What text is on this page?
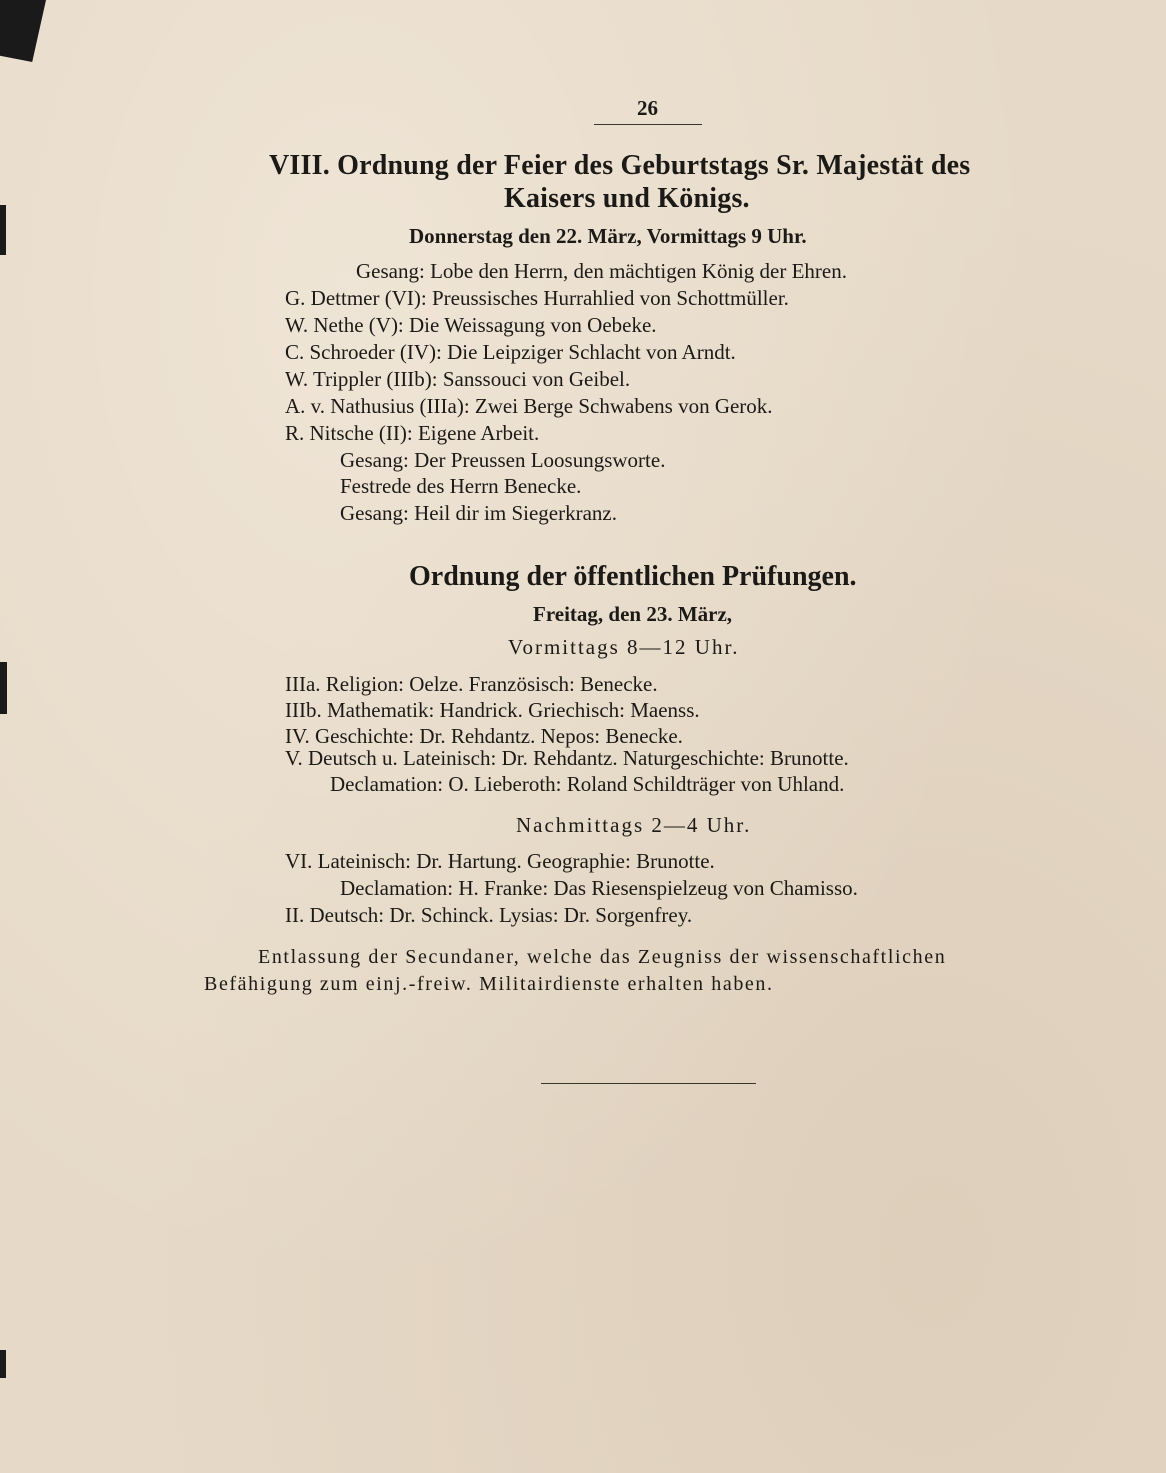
26
VIII. Ordnung der Feier des Geburtstags Sr. Majestät des
Kaisers und Königs.
Donnerstag den 22. März, Vormittags 9 Uhr.
Gesang: Lobe den Herrn, den mächtigen König der Ehren.
G. Dettmer (VI): Preussisches Hurrahlied von Schottmüller.
W. Nethe (V): Die Weissagung von Oebeke.
C. Schroeder (IV): Die Leipziger Schlacht von Arndt.
W. Trippler (IIIb): Sanssouci von Geibel.
A. v. Nathusius (IIIa): Zwei Berge Schwabens von Gerok.
R. Nitsche (II): Eigene Arbeit.
Gesang: Der Preussen Loosungsworte.
Festrede des Herrn Benecke.
Gesang: Heil dir im Siegerkranz.
Ordnung der öffentlichen Prüfungen.
Freitag, den 23. März,
Vormittags 8—12 Uhr.
IIIa. Religion: Oelze. Französisch: Benecke.
IIIb. Mathematik: Handrick. Griechisch: Maenss.
IV. Geschichte: Dr. Rehdantz. Nepos: Benecke.
V. Deutsch u. Lateinisch: Dr. Rehdantz. Naturgeschichte: Brunotte.
Declamation: O. Lieberoth: Roland Schildträger von Uhland.
Nachmittags 2—4 Uhr.
VI. Lateinisch: Dr. Hartung. Geographie: Brunotte.
Declamation: H. Franke: Das Riesenspielzeug von Chamisso.
II. Deutsch: Dr. Schinck. Lysias: Dr. Sorgenfrey.
Entlassung der Secundaner, welche das Zeugniss der wissenschaftlichen
Befähigung zum einj.-freiw. Militairdienste erhalten haben.
